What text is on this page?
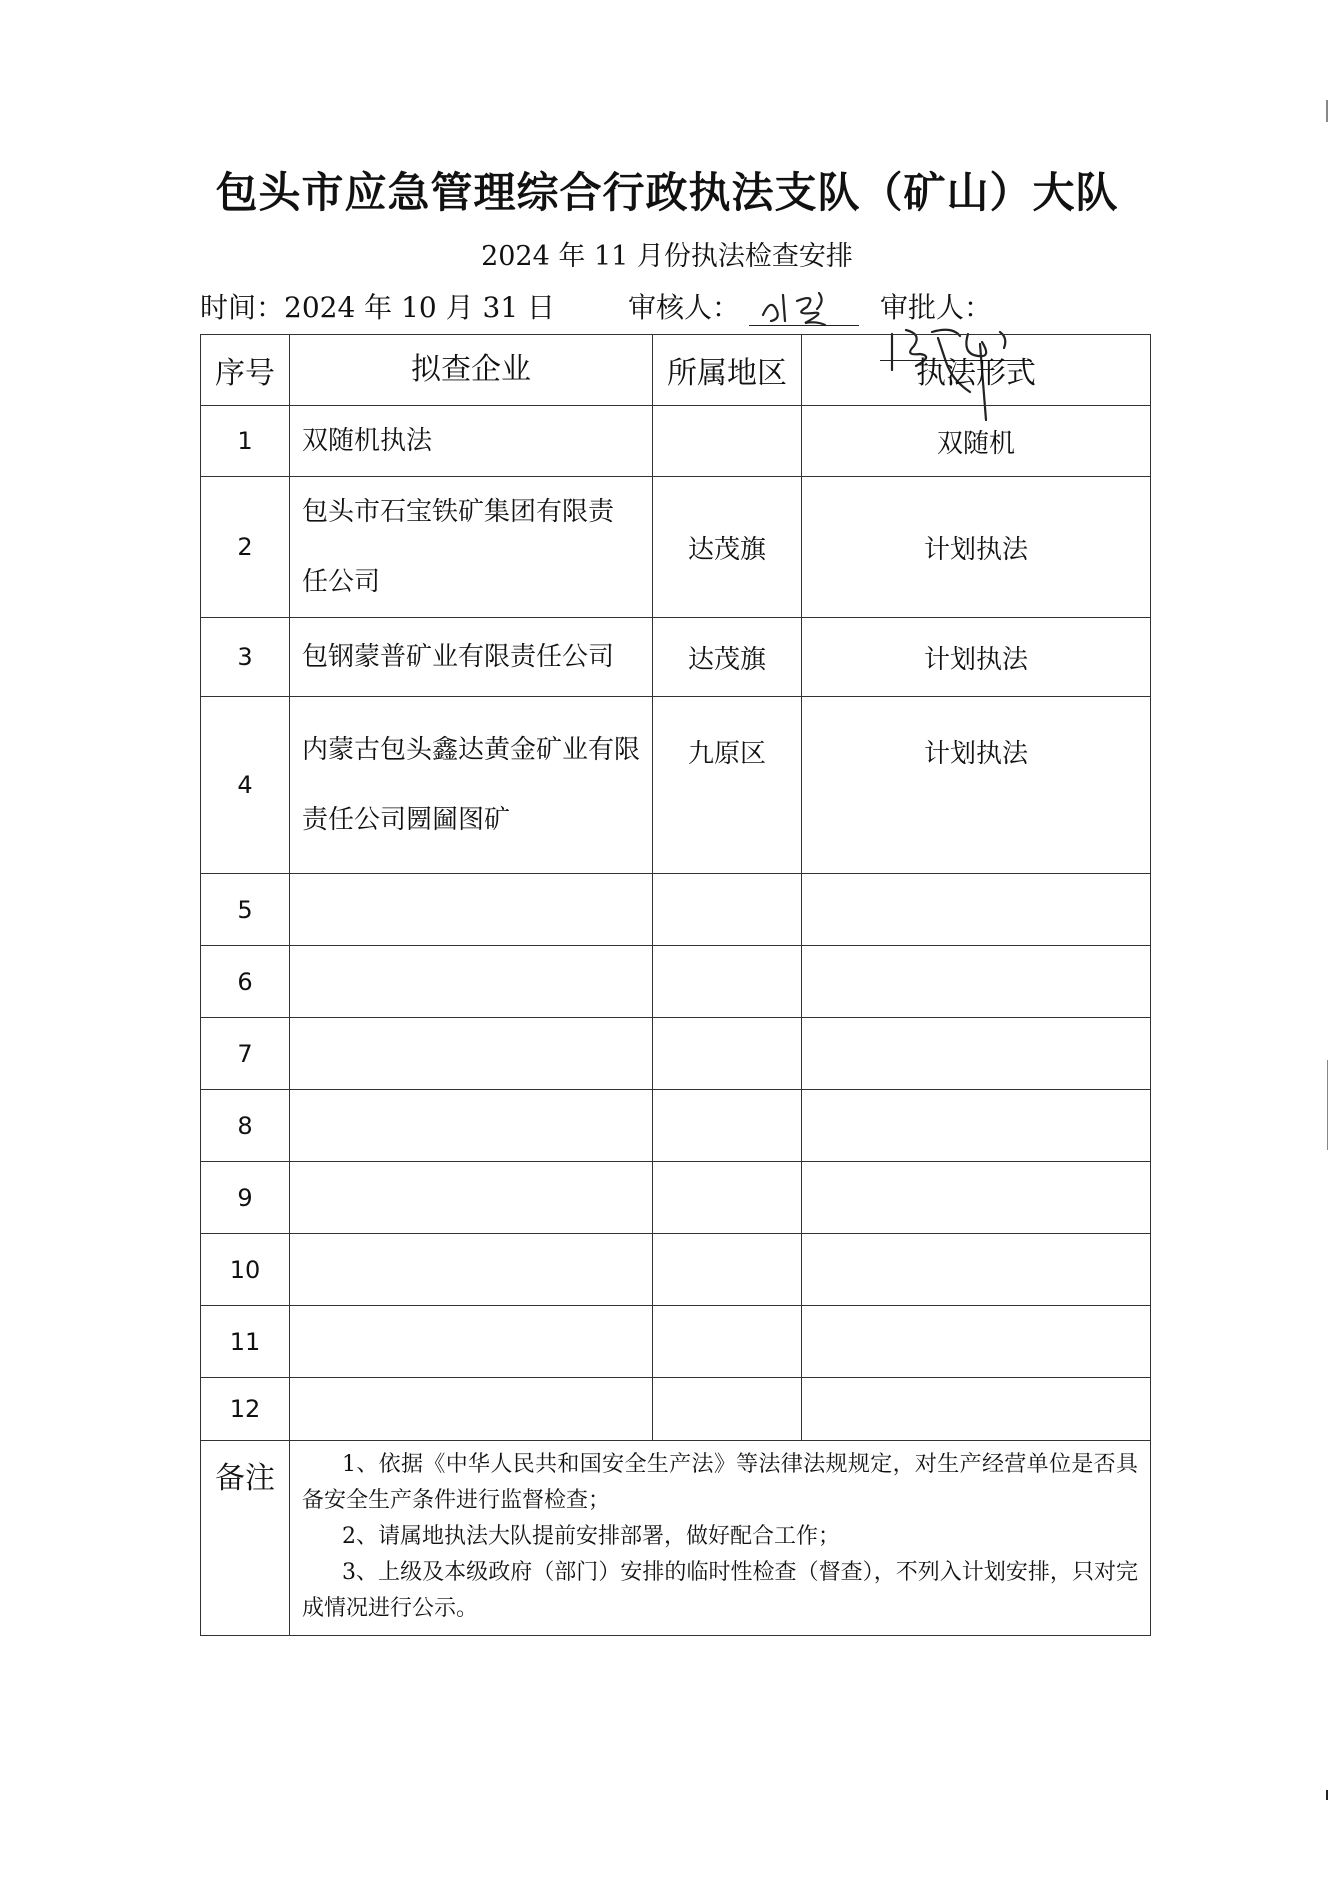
包头市应急管理综合行政执法支队（矿山）大队
2024 年 11 月份执法检查安排
时间：2024 年 10 月 31 日	审核人：	审批人：
序号	拟查企业	所属地区	执法形式
1	双随机执法		双随机
2	包头市石宝铁矿集团有限责
任公司	达茂旗	计划执法
3	包钢蒙普矿业有限责任公司	达茂旗	计划执法
4	内蒙古包头鑫达黄金矿业有限
责任公司圐圙图矿	九原区	计划执法
5			
6			
7			
8			
9			
10			
11			
12			
备注	1、依据《中华人民共和国安全生产法》等法律法规规定，对生产经营单位是否具备安全生产条件进行监督检查；

2、请属地执法大队提前安排部署，做好配合工作；

3、上级及本级政府（部门）安排的临时性检查（督查），不列入计划安排，只对完成情况进行公示。		
